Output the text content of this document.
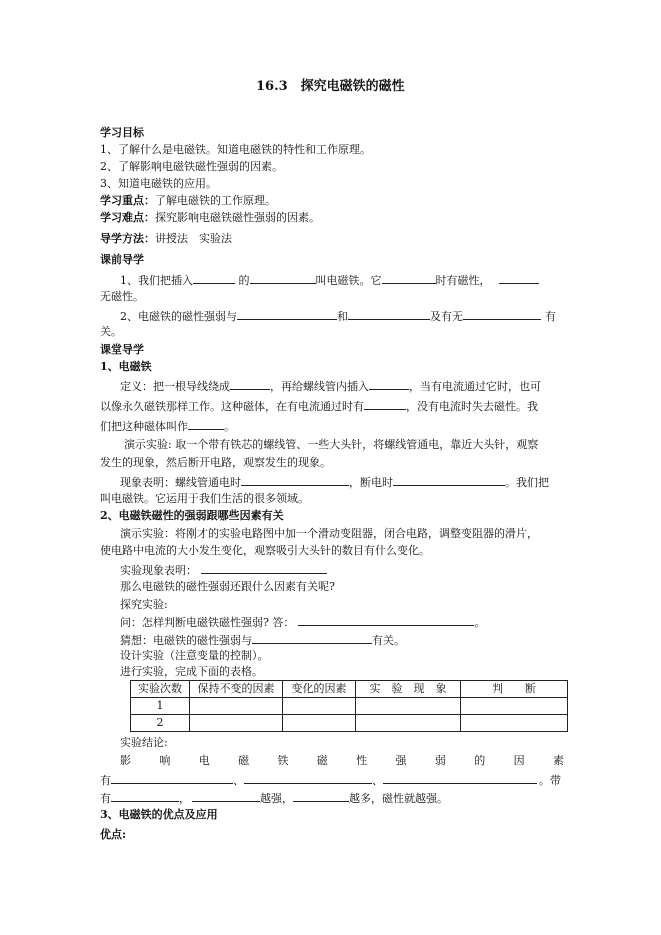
16.3　探究电磁铁的磁性
学习目标
1、了解什么是电磁铁。知道电磁铁的特性和工作原理。
2、了解影响电磁铁磁性强弱的因素。
3、知道电磁铁的应用。
学习重点：了解电磁铁的工作原理。
学习难点：探究影响电磁铁磁性强弱的因素。
导学方法：讲授法　实验法
课前导学
1、我们把插入	的	叫电磁铁。它	时有磁性，
无磁性。
2、电磁铁的磁性强弱与	和	及有无	有
关。
课堂导学
1、电磁铁
定义：把一根导线绕成	，再给螺线管内插入	，当有电流通过它时，也可
以像永久磁铁那样工作。这种磁体，在有电流通过时有	，没有电流时失去磁性。我
们把这种磁体叫作	。
演示实验: 取一个带有铁芯的螺线管、一些大头针，将螺线管通电，靠近大头针，观察
发生的现象，然后断开电路，观察发生的现象。
现象表明：螺线管通电时	，断电时	。我们把
叫电磁铁。它运用于我们生活的很多领域。
2、电磁铁磁性的强弱跟哪些因素有关
演示实验：将刚才的实验电路图中加一个滑动变阻器，闭合电路，调整变阻器的滑片，
使电路中电流的大小发生变化，观察吸引大头针的数目有什么变化。
实验现象表明：
那么电磁铁的磁性强弱还跟什么因素有关呢?
探究实验:
问：怎样判断电磁铁磁性强弱? 答：	。
猜想：电磁铁的磁性强弱与	有关。
设计实验（注意变量的控制）。
进行实验，完成下面的表格。
实验次数	保持不变的因素	变化的因素	实　验　现　象	判　　断
1				
2				
实验结论:
影	响	电	磁	铁	磁	性	强	弱	的	因	素
有	、	、	。带
有	，	越强，	越多，磁性就越强。
3、电磁铁的优点及应用
优点:
